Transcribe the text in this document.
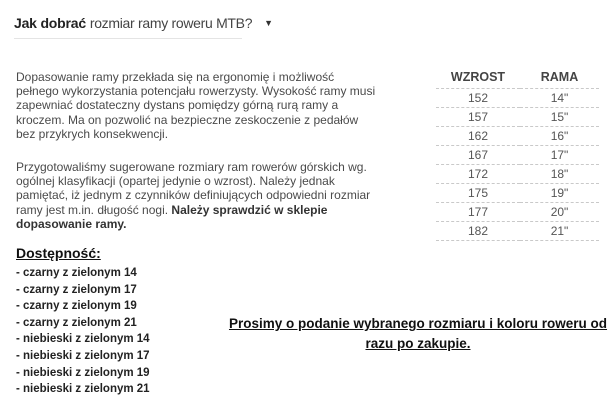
Jak dobrać rozmiar ramy roweru MTB? ▼

Dopasowanie ramy przekłada się na ergonomię i możliwość pełnego wykorzystania potencjału rowerzysty. Wysokość ramy musi zapewniać dostateczny dystans pomiędzy górną rurą ramy a kroczem. Ma on pozwolić na bezpieczne zeskoczenie z pedałów bez przykrych konsekwencji.

Przygotowaliśmy sugerowane rozmiary ram rowerów górskich wg. ogólnej klasyfikacji (opartej jedynie o wzrost). Należy jednak pamiętać, iż jednym z czynników definiujących odpowiedni rozmiar ramy jest m.in. długość nogi. Należy sprawdzić w sklepie dopasowanie ramy.

Dostępność:
- czarny z zielonym 14
- czarny z zielonym 17
- czarny z zielonym 19
- czarny z zielonym 21
- niebieski z zielonym 14
- niebieski z zielonym 17
- niebieski z zielonym 19
- niebieski z zielonym 21
WZROST	RAMA
152	14"
157	15"
162	16"
167	17"
172	18"
175	19"
177	20"
182	21"

Prosimy o podanie wybranego rozmiaru i koloru roweru od razu po zakupie.
